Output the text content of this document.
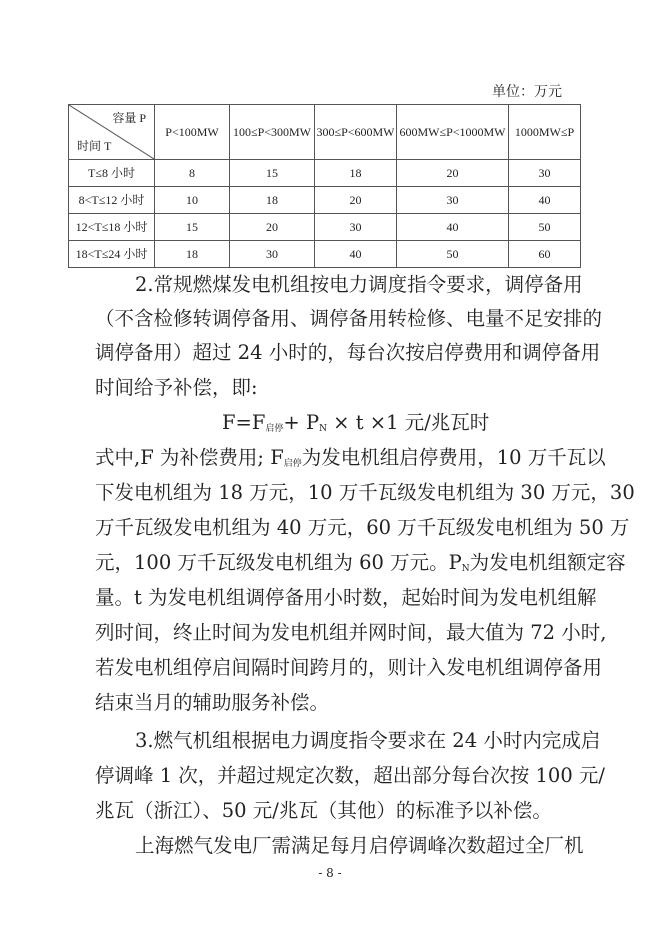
单位：万元
容量 P
时间 T	P<100MW	100≤P<300MW	300≤P<600MW	600MW≤P<1000MW	1000MW≤P
T≤8 小时	8	15	18	20	30
8<T≤12 小时	10	18	20	30	40
12<T≤18 小时	15	20	30	40	50
18<T≤24 小时	18	30	40	50	60
2.常规燃煤发电机组按电力调度指令要求，调停备用
（不含检修转调停备用、调停备用转检修、电量不足安排的
调停备用）超过 24 小时的，每台次按启停费用和调停备用
时间给予补偿，即:
$F=F_{启停}+ P_N \times t \times 1$ 元/兆瓦时
式中,F 为补偿费用; $F_{启停}$为发电机组启停费用，10 万千瓦以
下发电机组为 18 万元，10 万千瓦级发电机组为 30 万元，30
万千瓦级发电机组为 40 万元，60 万千瓦级发电机组为 50 万
元，100 万千瓦级发电机组为 60 万元。$P_N$为发电机组额定容
量。t 为发电机组调停备用小时数，起始时间为发电机组解
列时间，终止时间为发电机组并网时间，最大值为 72 小时,
若发电机组停启间隔时间跨月的，则计入发电机组调停备用
结束当月的辅助服务补偿。
3.燃气机组根据电力调度指令要求在 24 小时内完成启
停调峰 1 次，并超过规定次数，超出部分每台次按 100 元/
兆瓦（浙江）、50 元/兆瓦（其他）的标准予以补偿。
上海燃气发电厂需满足每月启停调峰次数超过全厂机
- 8 -
